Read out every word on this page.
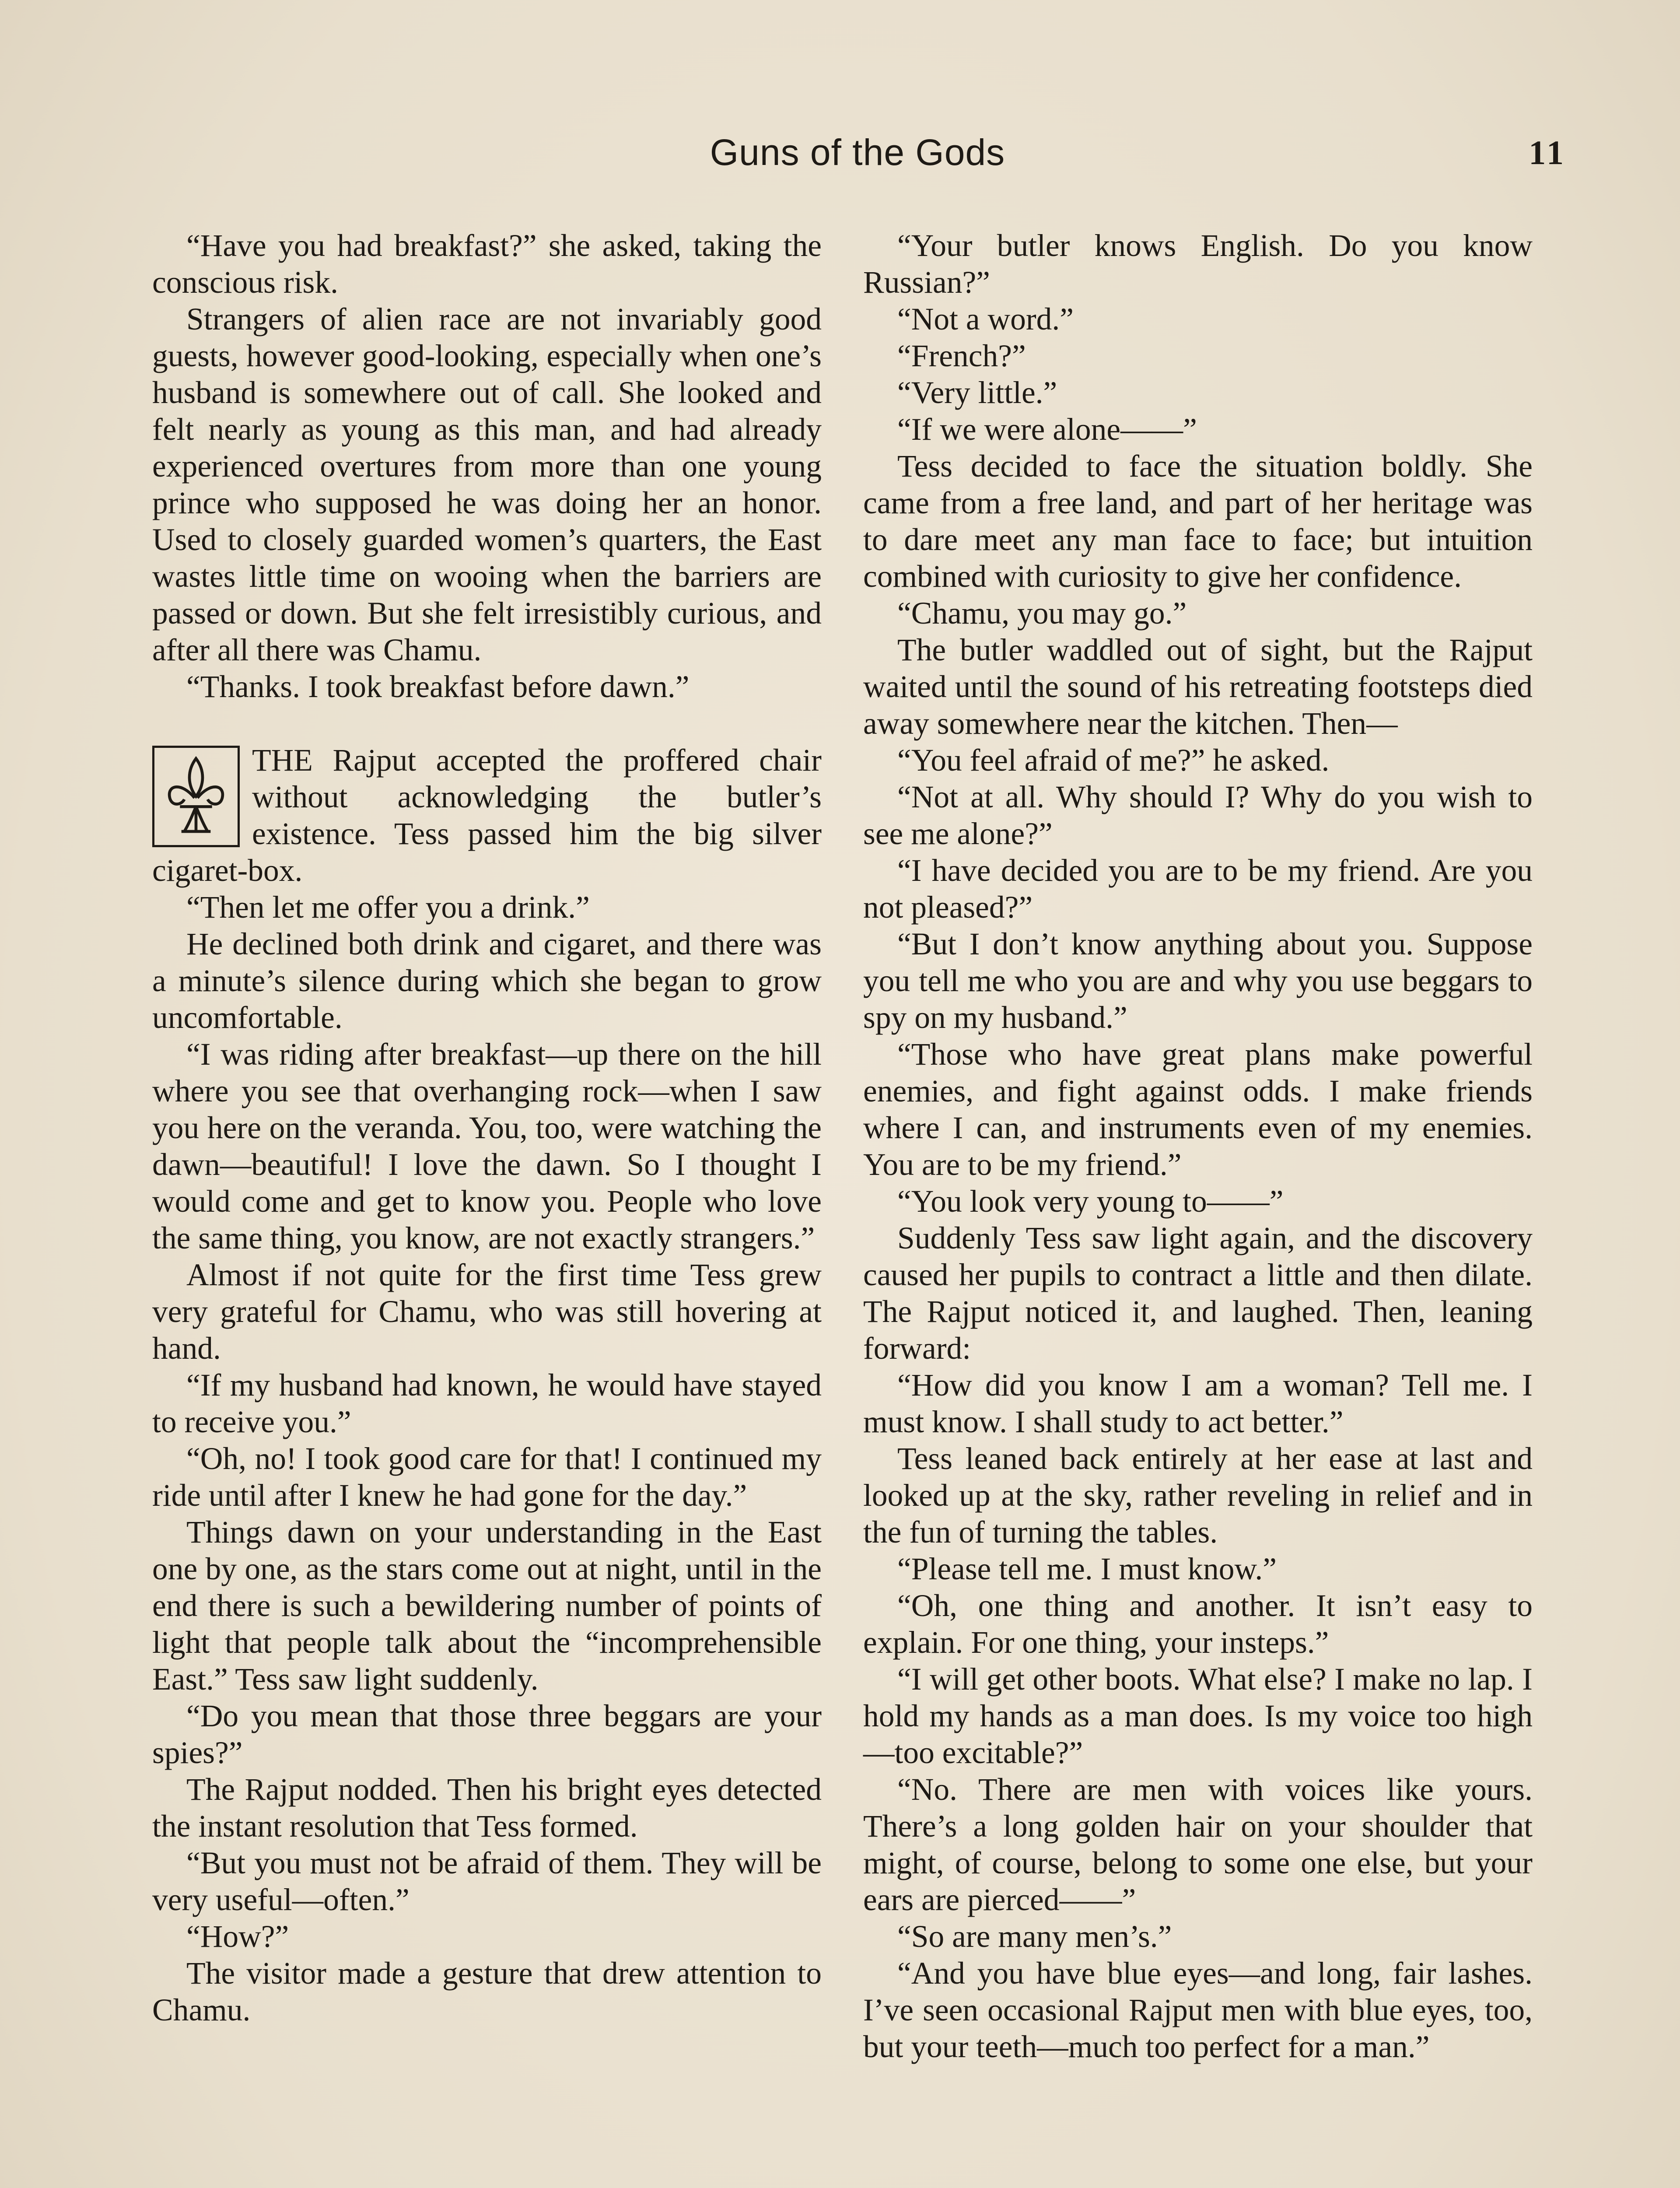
Guns of the Gods	11

“Have you had breakfast?” she asked, taking the conscious risk.

Strangers of alien race are not invariably good guests, however good-looking, especially when one’s husband is somewhere out of call. She looked and felt nearly as young as this man, and had already experienced overtures from more than one young prince who supposed he was doing her an honor. Used to closely guarded women’s quarters, the East wastes little time on wooing when the barriers are passed or down. But she felt irresistibly curious, and after all there was Chamu.

“Thanks. I took breakfast before dawn.”

THE Rajput accepted the proffered chair without acknowledging the butler’s existence. Tess passed him the big silver cigaret-box.

“Then let me offer you a drink.”

He declined both drink and cigaret, and there was a minute’s silence during which she began to grow uncomfortable.

“I was riding after breakfast—up there on the hill where you see that overhanging rock—when I saw you here on the veranda. You, too, were watching the dawn—beautiful! I love the dawn. So I thought I would come and get to know you. People who love the same thing, you know, are not exactly strangers.”

Almost if not quite for the first time Tess grew very grateful for Chamu, who was still hovering at hand.

“If my husband had known, he would have stayed to receive you.”

“Oh, no! I took good care for that! I continued my ride until after I knew he had gone for the day.”

Things dawn on your understanding in the East one by one, as the stars come out at night, until in the end there is such a bewildering number of points of light that people talk about the “incomprehensible East.” Tess saw light suddenly.

“Do you mean that those three beggars are your spies?”

The Rajput nodded. Then his bright eyes detected the instant resolution that Tess formed.

“But you must not be afraid of them. They will be very useful—often.”

“How?”

The visitor made a gesture that drew attention to Chamu.

“Your butler knows English. Do you know Russian?”

“Not a word.”

“French?”

“Very little.”

“If we were alone——”

Tess decided to face the situation boldly. She came from a free land, and part of her heritage was to dare meet any man face to face; but intuition combined with curiosity to give her confidence.

“Chamu, you may go.”

The butler waddled out of sight, but the Rajput waited until the sound of his retreating footsteps died away somewhere near the kitchen. Then—

“You feel afraid of me?” he asked.

“Not at all. Why should I? Why do you wish to see me alone?”

“I have decided you are to be my friend. Are you not pleased?”

“But I don’t know anything about you. Suppose you tell me who you are and why you use beggars to spy on my husband.”

“Those who have great plans make powerful enemies, and fight against odds. I make friends where I can, and instruments even of my enemies. You are to be my friend.”

“You look very young to——”

Suddenly Tess saw light again, and the discovery caused her pupils to contract a little and then dilate. The Rajput noticed it, and laughed. Then, leaning forward:

“How did you know I am a woman? Tell me. I must know. I shall study to act better.”

Tess leaned back entirely at her ease at last and looked up at the sky, rather reveling in relief and in the fun of turning the tables.

“Please tell me. I must know.”

“Oh, one thing and another. It isn’t easy to explain. For one thing, your insteps.”

“I will get other boots. What else? I make no lap. I hold my hands as a man does. Is my voice too high—too excitable?”

“No. There are men with voices like yours. There’s a long golden hair on your shoulder that might, of course, belong to some one else, but your ears are pierced——”

“So are many men’s.”

“And you have blue eyes—and long, fair lashes. I’ve seen occasional Rajput men with blue eyes, too, but your teeth—much too perfect for a man.”
